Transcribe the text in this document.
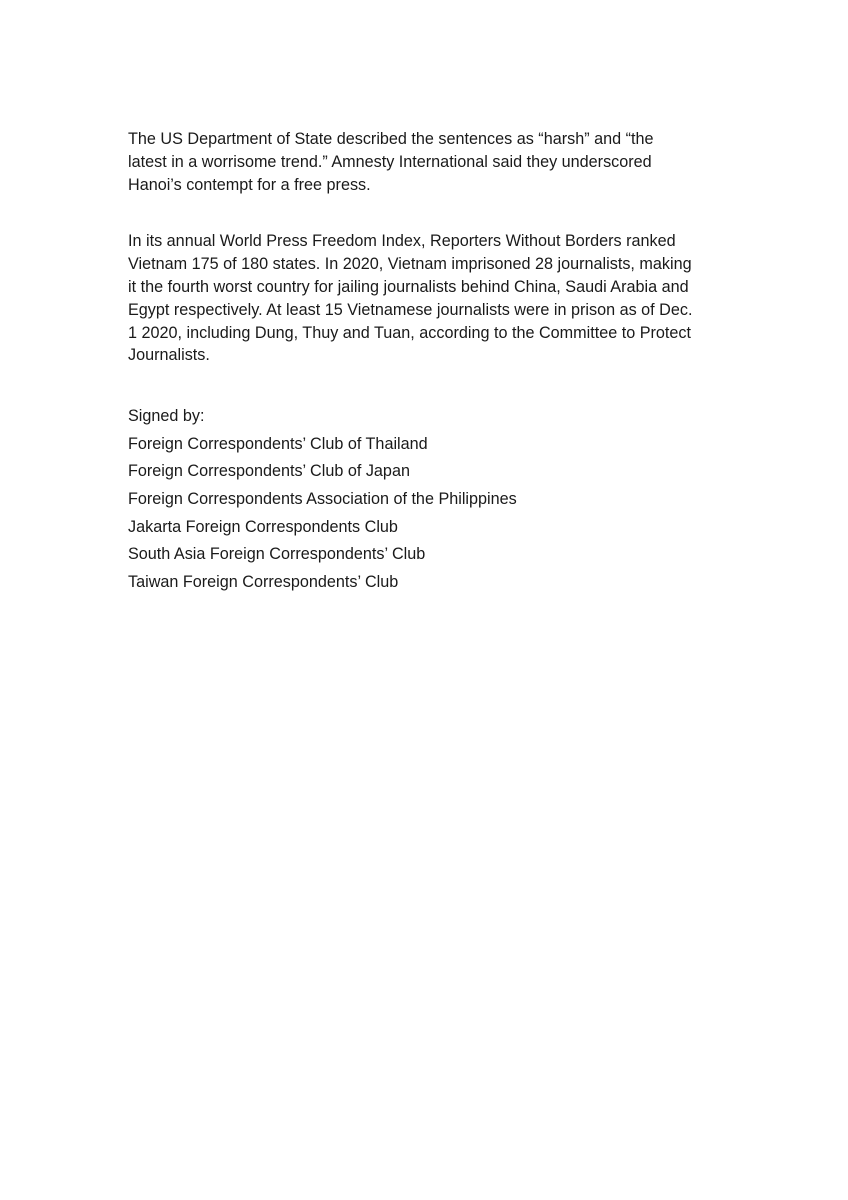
The US Department of State described the sentences as “harsh” and “the
latest in a worrisome trend.” Amnesty International said they underscored
Hanoi’s contempt for a free press.

In its annual World Press Freedom Index, Reporters Without Borders ranked
Vietnam 175 of 180 states. In 2020, Vietnam imprisoned 28 journalists, making
it the fourth worst country for jailing journalists behind China, Saudi Arabia and
Egypt respectively. At least 15 Vietnamese journalists were in prison as of Dec.
1 2020, including Dung, Thuy and Tuan, according to the Committee to Protect
Journalists.

Signed by:
Foreign Correspondents’ Club of Thailand
Foreign Correspondents’ Club of Japan
Foreign Correspondents Association of the Philippines
Jakarta Foreign Correspondents Club
South Asia Foreign Correspondents’ Club
Taiwan Foreign Correspondents’ Club
